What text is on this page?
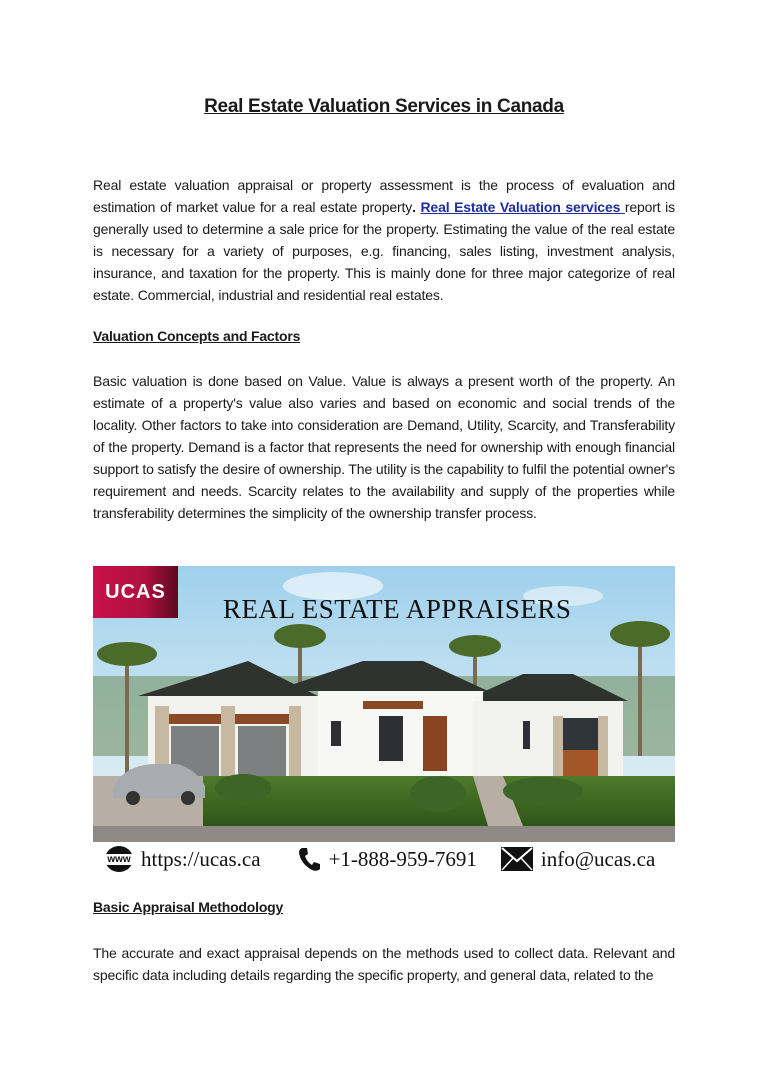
Real Estate Valuation Services in Canada

Real estate valuation appraisal or property assessment is the process of evaluation and estimation of market value for a real estate property. Real Estate Valuation services report is generally used to determine a sale price for the property. Estimating the value of the real estate is necessary for a variety of purposes, e.g. financing, sales listing, investment analysis, insurance, and taxation for the property. This is mainly done for three major categorize of real estate. Commercial, industrial and residential real estates.

Valuation Concepts and Factors

Basic valuation is done based on Value. Value is always a present worth of the property. An estimate of a property's value also varies and based on economic and social trends of the locality. Other factors to take into consideration are Demand, Utility, Scarcity, and Transferability of the property. Demand is a factor that represents the need for ownership with enough financial support to satisfy the desire of ownership. The utility is the capability to fulfil the potential owner's requirement and needs. Scarcity relates to the availability and supply of the properties while transferability determines the simplicity of the ownership transfer process.

UCAS
REAL ESTATE APPRAISERS
www https://ucas.ca	+1-888-959-7691	info@ucas.ca
Basic Appraisal Methodology

The accurate and exact appraisal depends on the methods used to collect data. Relevant and specific data including details regarding the specific property, and general data, related to the
